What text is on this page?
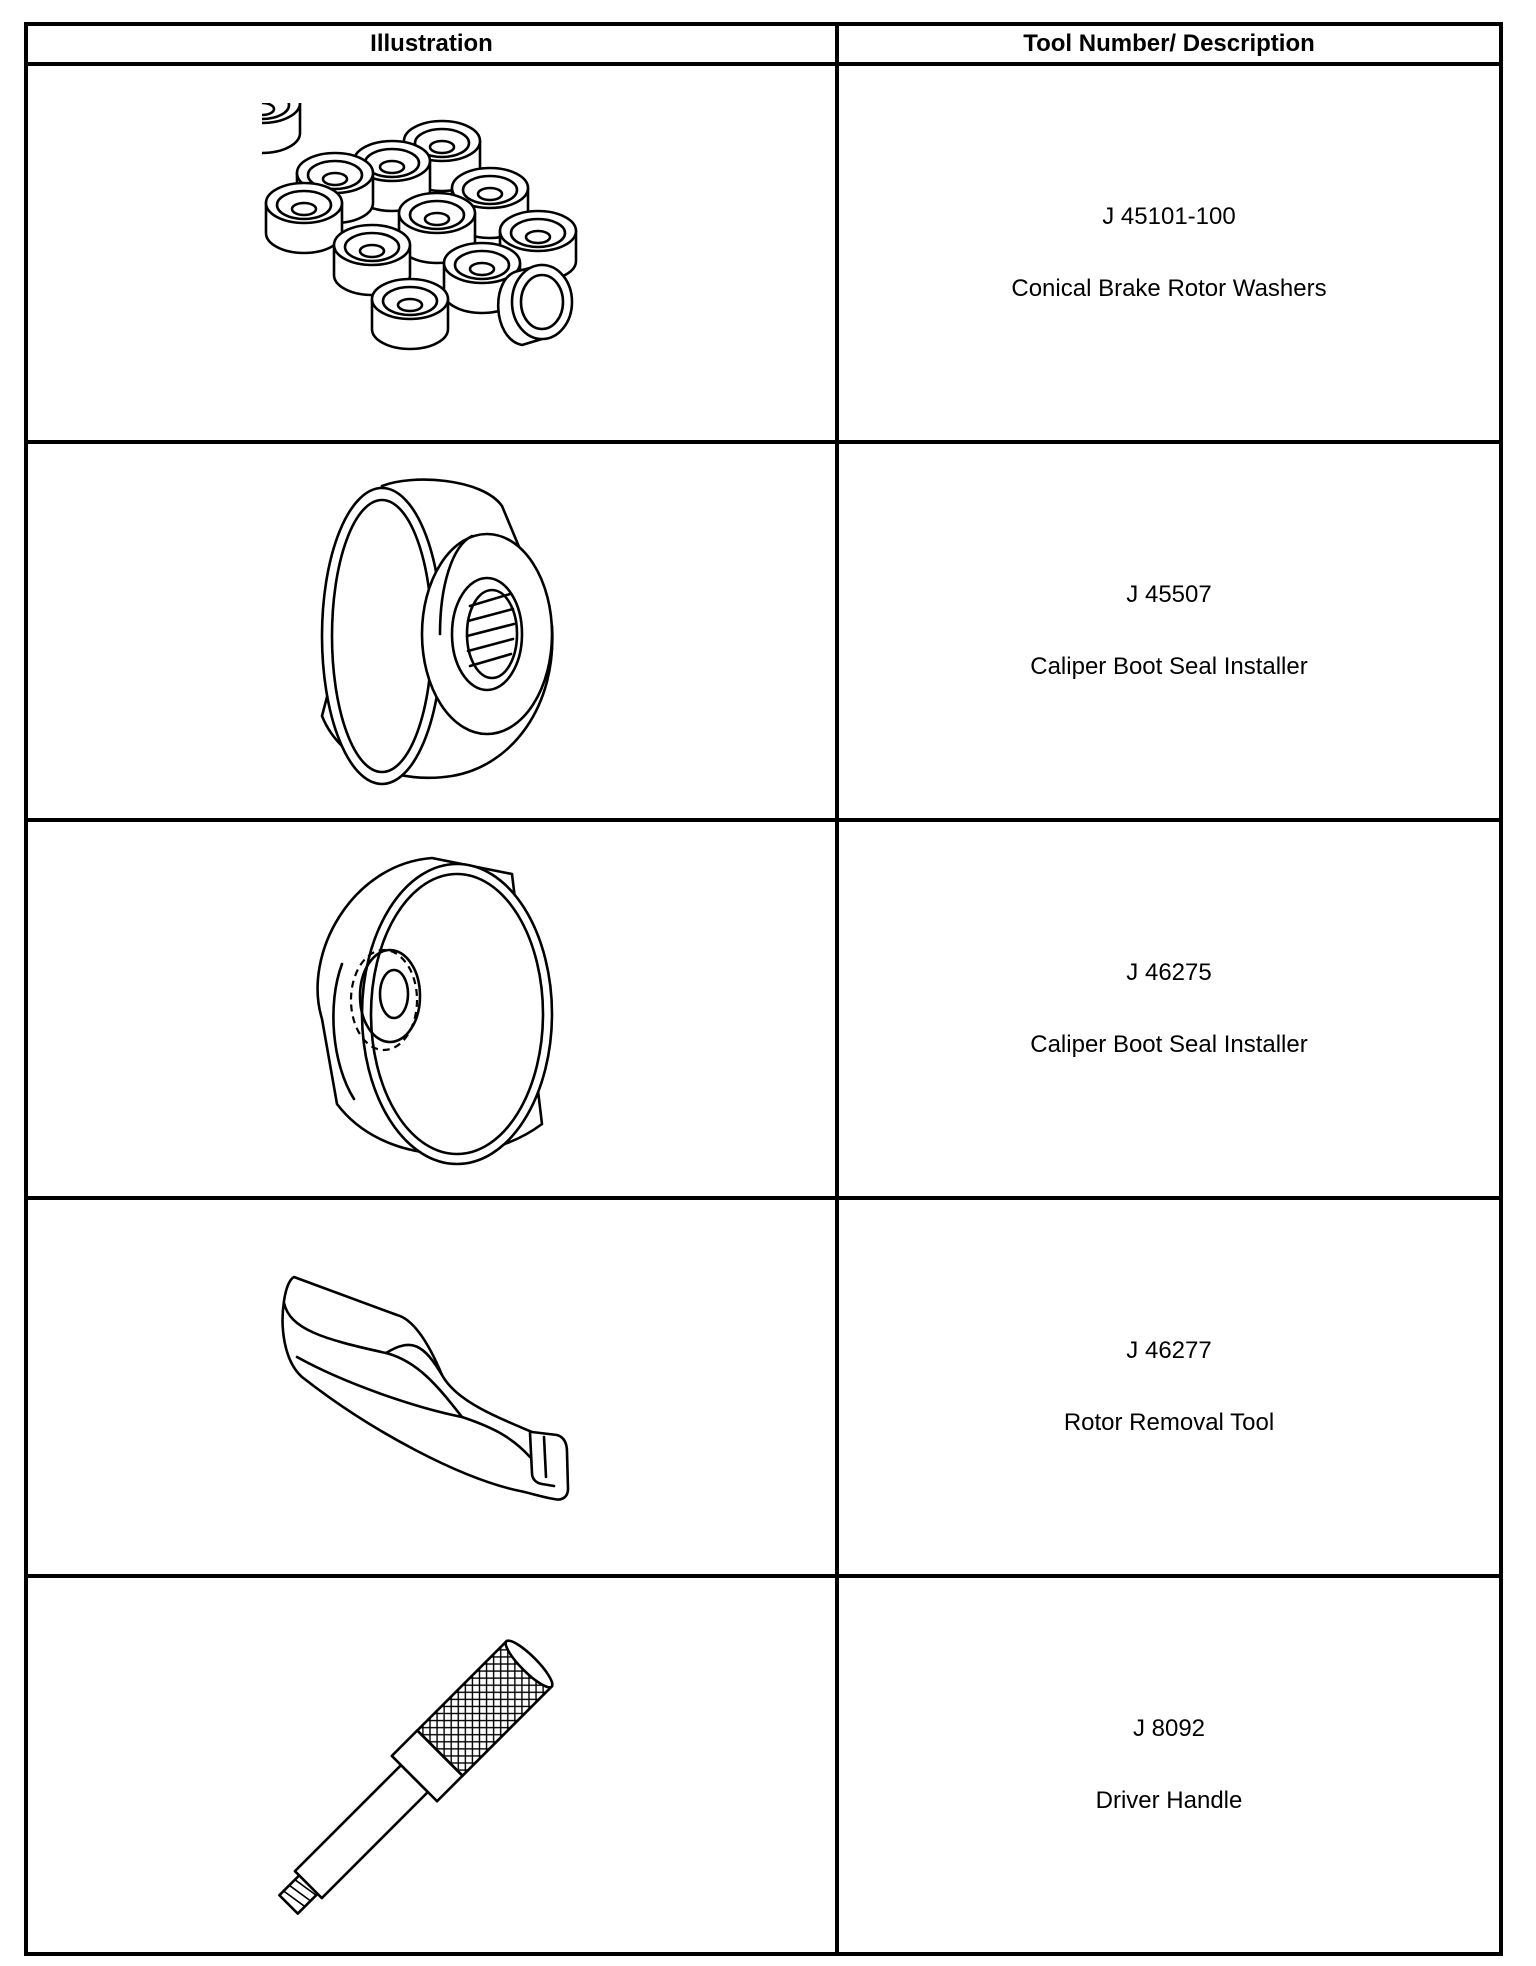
Illustration	Tool Number/ Description

J 45101-100
Conical Brake Rotor Washers

J 45507
Caliper Boot Seal Installer

J 46275
Caliper Boot Seal Installer

J 46277
Rotor Removal Tool

J 8092
Driver Handle
